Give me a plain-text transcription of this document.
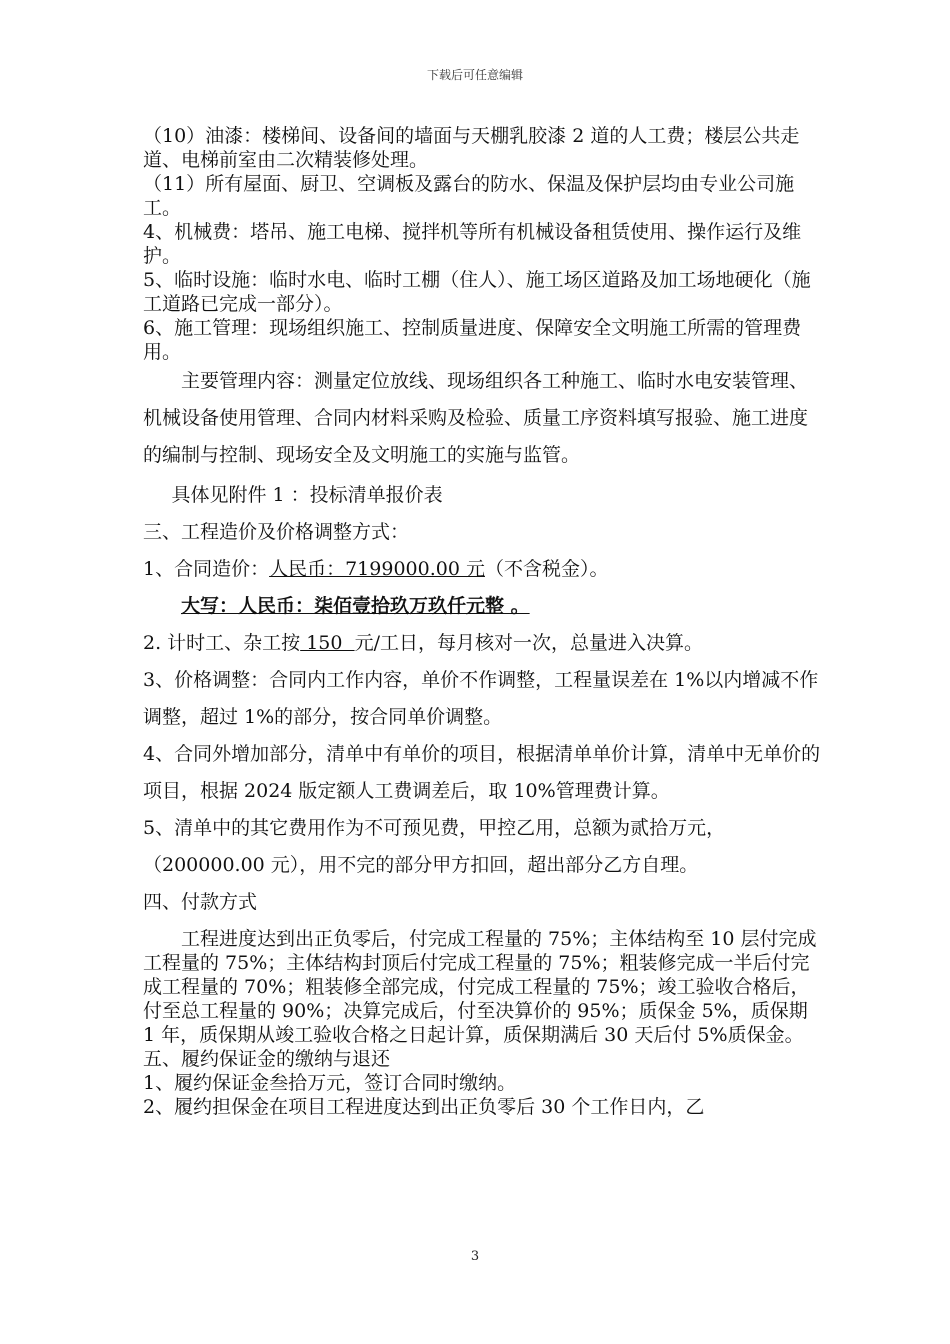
下载后可任意编辑

（10）油漆：楼梯间、设备间的墙面与天棚乳胶漆 2 道的人工费；楼层公共走道、电梯前室由二次精装修处理。

（11）所有屋面、厨卫、空调板及露台的防水、保温及保护层均由专业公司施工。

4、机械费：塔吊、施工电梯、搅拌机等所有机械设备租赁使用、操作运行及维护。

5、临时设施：临时水电、临时工棚（住人）、施工场区道路及加工场地硬化（施工道路已完成一部分）。

6、施工管理：现场组织施工、控制质量进度、保障安全文明施工所需的管理费用。

主要管理内容：测量定位放线、现场组织各工种施工、临时水电安装管理、机械设备使用管理、合同内材料采购及检验、质量工序资料填写报验、施工进度的编制与控制、现场安全及文明施工的实施与监管。

具体见附件 1 ：投标清单报价表

三、工程造价及价格调整方式：

1、合同造价：人民币：7199000.00 元（不含税金）。

大写：人民币：柒佰壹拾玖万玖仟元整 。

2. 计时工、杂工按 150  元/工日，每月核对一次，总量进入决算。

3、价格调整：合同内工作内容，单价不作调整，工程量误差在 1%以内增减不作调整，超过 1%的部分，按合同单价调整。

4、合同外增加部分，清单中有单价的项目，根据清单单价计算，清单中无单价的项目，根据 2024 版定额人工费调差后，取 10%管理费计算。

5、清单中的其它费用作为不可预见费，甲控乙用，总额为贰拾万元，（200000.00 元），用不完的部分甲方扣回，超出部分乙方自理。

四、付款方式

工程进度达到出正负零后，付完成工程量的 75%；主体结构至 10 层付完成工程量的 75%；主体结构封顶后付完成工程量的 75%；粗装修完成一半后付完成工程量的 70%；粗装修全部完成，付完成工程量的 75%；竣工验收合格后，付至总工程量的 90%；决算完成后，付至决算价的 95%；质保金 5%，质保期 1 年，质保期从竣工验收合格之日起计算，质保期满后 30 天后付 5%质保金。

五、履约保证金的缴纳与退还

1、履约保证金叁拾万元，签订合同时缴纳。

2、履约担保金在项目工程进度达到出正负零后 30 个工作日内，乙

3
